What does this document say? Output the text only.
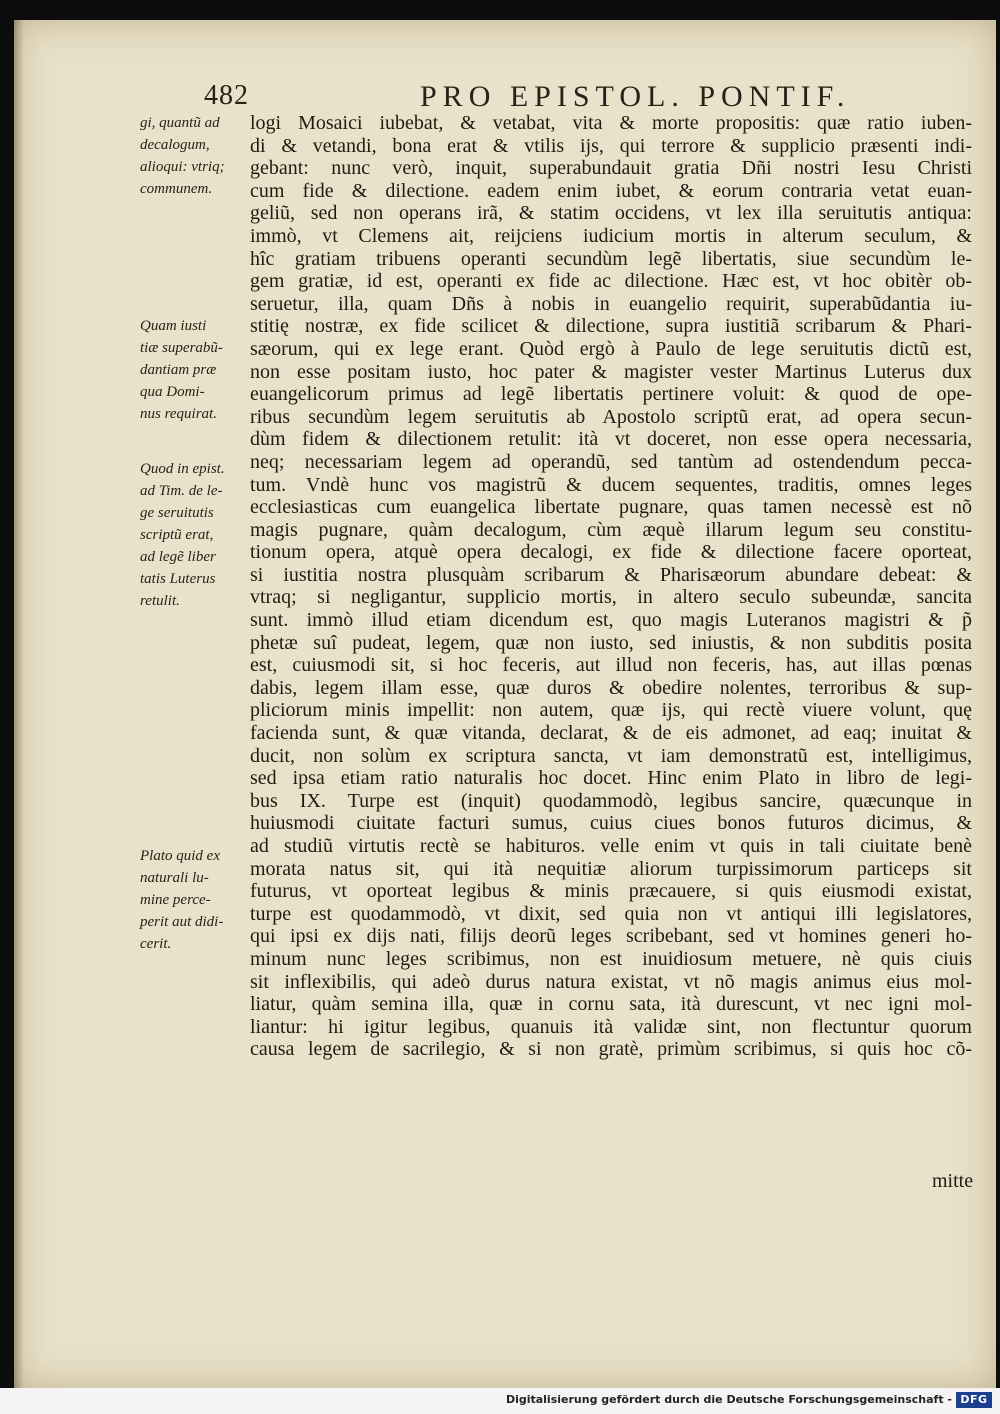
482	PRO EPISTOL. PONTIF.
gi, quantũ ad
decalogum,
alioqui: vtriq;
communem.
Quam iusti
tiæ superabũ-
dantiam præ
qua Domi-
nus requirat.
Quod in epist.
ad Tim. de le-
ge seruitutis
scriptũ erat,
ad legẽ liber
tatis Luterus
retulit.
Plato quid ex
naturali lu-
mine perce-
perit aut didi-
cerit.
logi Mosaici iubebat, & vetabat, vita & morte propositis: quæ ratio iuben-
di & vetandi, bona erat & vtilis ijs, qui terrore & supplicio præsenti indi-
gebant: nunc verò, inquit, superabundauit gratia Dñi nostri Iesu Christi
cum fide & dilectione. eadem enim iubet, & eorum contraria vetat euan-
geliũ, sed non operans irã, & statim occidens, vt lex illa seruitutis antiqua:
immò, vt Clemens ait, reijciens iudicium mortis in alterum seculum, &
hîc gratiam tribuens operanti secundùm legẽ libertatis, siue secundùm le-
gem gratiæ, id est, operanti ex fide ac dilectione. Hæc est, vt hoc obitèr ob-
seruetur, illa, quam Dñs à nobis in euangelio requirit, superabũdantia iu-
stitię nostræ, ex fide scilicet & dilectione, supra iustitiã scribarum & Phari-
sæorum, qui ex lege erant. Quòd ergò à Paulo de lege seruitutis dictũ est,
non esse positam iusto, hoc pater & magister vester Martinus Luterus dux
euangelicorum primus ad legẽ libertatis pertinere voluit: & quod de ope-
ribus secundùm legem seruitutis ab Apostolo scriptũ erat, ad opera secun-
dùm fidem & dilectionem retulit: ità vt doceret, non esse opera necessaria,
neq; necessariam legem ad operandũ, sed tantùm ad ostendendum pecca-
tum. Vndè hunc vos magistrũ & ducem sequentes, traditis, omnes leges
ecclesiasticas cum euangelica libertate pugnare, quas tamen necessè est nõ
magis pugnare, quàm decalogum, cùm æquè illarum legum seu constitu-
tionum opera, atquè opera decalogi, ex fide & dilectione facere oporteat,
si iustitia nostra plusquàm scribarum & Pharisæorum abundare debeat: &
vtraq; si negligantur, supplicio mortis, in altero seculo subeundæ, sancita
sunt. immò illud etiam dicendum est, quo magis Luteranos magistri & p̃
phetæ suî pudeat, legem, quæ non iusto, sed iniustis, & non subditis posita
est, cuiusmodi sit, si hoc feceris, aut illud non feceris, has, aut illas pœnas
dabis, legem illam esse, quæ duros & obedire nolentes, terroribus & sup-
pliciorum minis impellit: non autem, quæ ijs, qui rectè viuere volunt, quę
facienda sunt, & quæ vitanda, declarat, & de eis admonet, ad eaq; inuitat &
ducit, non solùm ex scriptura sancta, vt iam demonstratũ est, intelligimus,
sed ipsa etiam ratio naturalis hoc docet. Hinc enim Plato in libro de legi-
bus IX. Turpe est (inquit) quodammodò, legibus sancire, quæcunque in
huiusmodi ciuitate facturi sumus, cuius ciues bonos futuros dicimus, &
ad studiũ virtutis rectè se habituros. velle enim vt quis in tali ciuitate benè
morata natus sit, qui ità nequitiæ aliorum turpissimorum particeps sit
futurus, vt oporteat legibus & minis præcauere, si quis eiusmodi existat,
turpe est quodammodò, vt dixit, sed quia non vt antiqui illi legislatores,
qui ipsi ex dijs nati, filijs deorũ leges scribebant, sed vt homines generi ho-
minum nunc leges scribimus, non est inuidiosum metuere, nè quis ciuis
sit inflexibilis, qui adeò durus natura existat, vt nõ magis animus eius mol-
liatur, quàm semina illa, quæ in cornu sata, ità durescunt, vt nec igni mol-
liantur: hi igitur legibus, quanuis ità validæ sint, non flectuntur quorum
causa legem de sacrilegio, & si non gratè, primùm scribimus, si quis hoc cõ-
mitte
Digitalisierung gefördert durch die Deutsche Forschungsgemeinschaft - DFG
